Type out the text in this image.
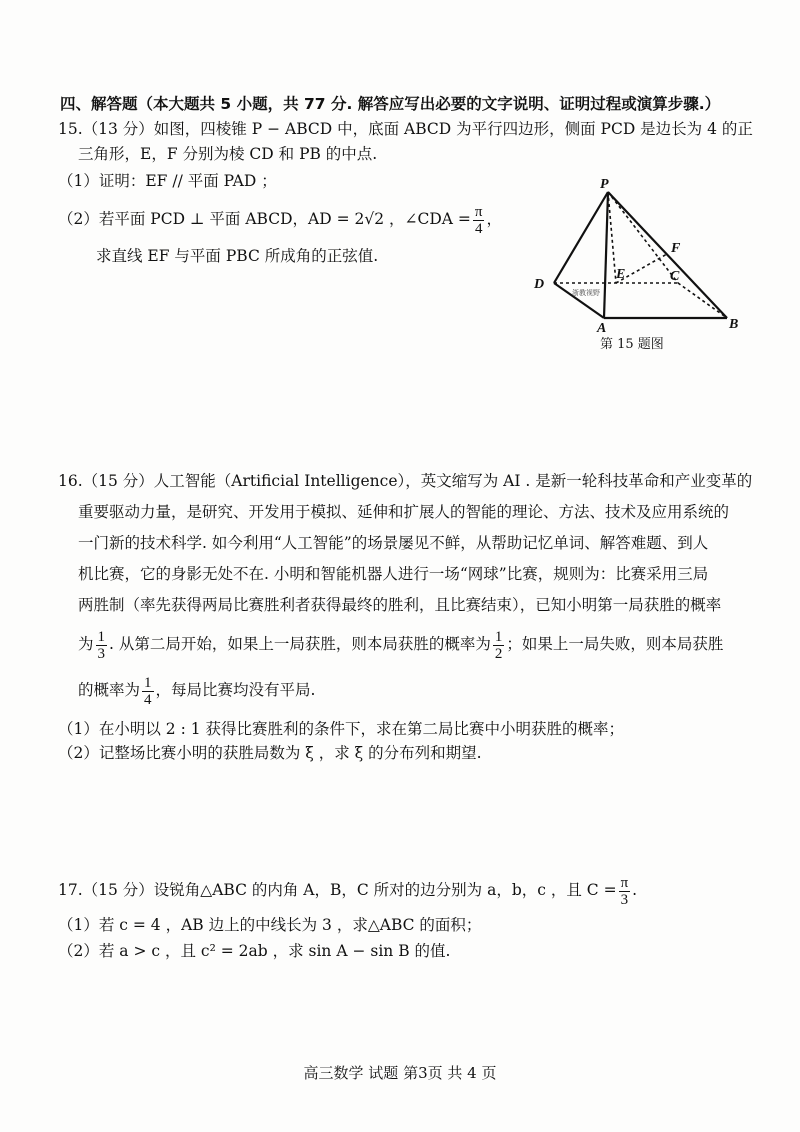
四、解答题（本大题共 5 小题，共 77 分. 解答应写出必要的文字说明、证明过程或演算步骤.）
15.（13 分）如图，四棱锥 P − ABCD 中，底面 ABCD 为平行四边形，侧面 PCD 是边长为 4 的正
三角形，E，F 分别为棱 CD 和 PB 的中点.
（1）证明：EF // 平面 PAD ；
（2）若平面 PCD ⊥ 平面 ABCD，AD = 2√2 ，∠CDA = $\frac{\pi}{4}$ ，
求直线 EF 与平面 PBC 所成角的正弦值.
P
F
E	C
D
A	B
浙教视野
第 15 题图
16.（15 分）人工智能（Artificial Intelligence），英文缩写为 AI . 是新一轮科技革命和产业变革的
重要驱动力量，是研究、开发用于模拟、延伸和扩展人的智能的理论、方法、技术及应用系统的
一门新的技术科学. 如今利用“人工智能”的场景屡见不鲜，从帮助记忆单词、解答难题、到人
机比赛，它的身影无处不在. 小明和智能机器人进行一场“网球”比赛，规则为：比赛采用三局
两胜制（率先获得两局比赛胜利者获得最终的胜利，且比赛结束），已知小明第一局获胜的概率
为 $\frac{1}{3}$ . 从第二局开始，如果上一局获胜，则本局获胜的概率为 $\frac{1}{2}$ ；如果上一局失败，则本局获胜
的概率为 $\frac{1}{4}$ ，每局比赛均没有平局.
（1）在小明以 2 : 1 获得比赛胜利的条件下，求在第二局比赛中小明获胜的概率；
（2）记整场比赛小明的获胜局数为 ξ ，求 ξ 的分布列和期望.
17.（15 分）设锐角△ABC 的内角 A，B，C 所对的边分别为 a，b，c ，且 $C = \frac{\pi}{3}$ .
（1）若 c = 4 ，AB 边上的中线长为 3 ，求△ABC 的面积；
（2）若 a > c ，且 c² = 2ab ，求 sin A − sin B 的值.
高三数学 试题 第3页 共 4 页
